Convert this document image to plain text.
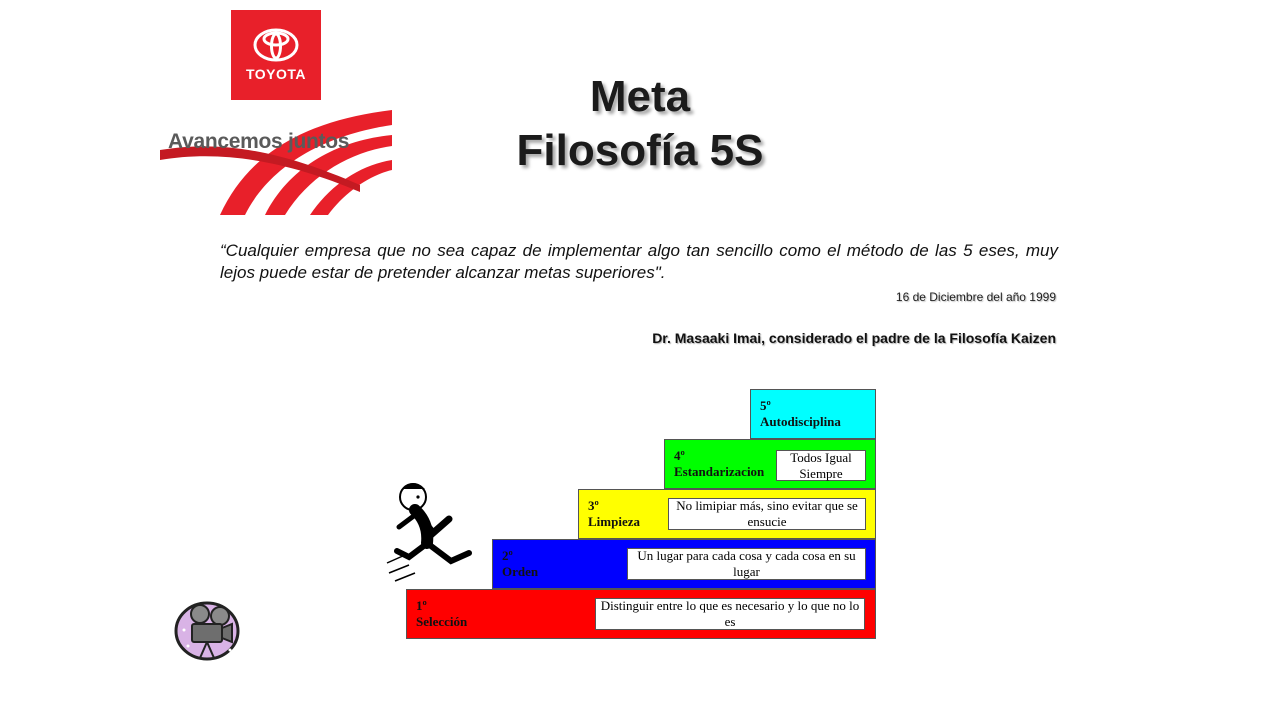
TOYOTA
Avancemos juntos
Meta
Filosofía 5S
“Cualquier empresa que no sea capaz de implementar algo tan sencillo como el método de las 5 eses, muy lejos puede estar de pretender alcanzar metas superiores".
16 de Diciembre del año 1999
Dr. Masaaki Imai, considerado el padre de la Filosofía Kaizen
1º
Selección
Distinguir entre lo que es necesario y lo que no lo es
2º
Orden
Un lugar para cada cosa y cada cosa en su lugar
3º
Limpieza
No limipiar más, sino evitar que se ensucie
4º
Estandarizacion
Todos Igual Siempre
5º
Autodisciplina
